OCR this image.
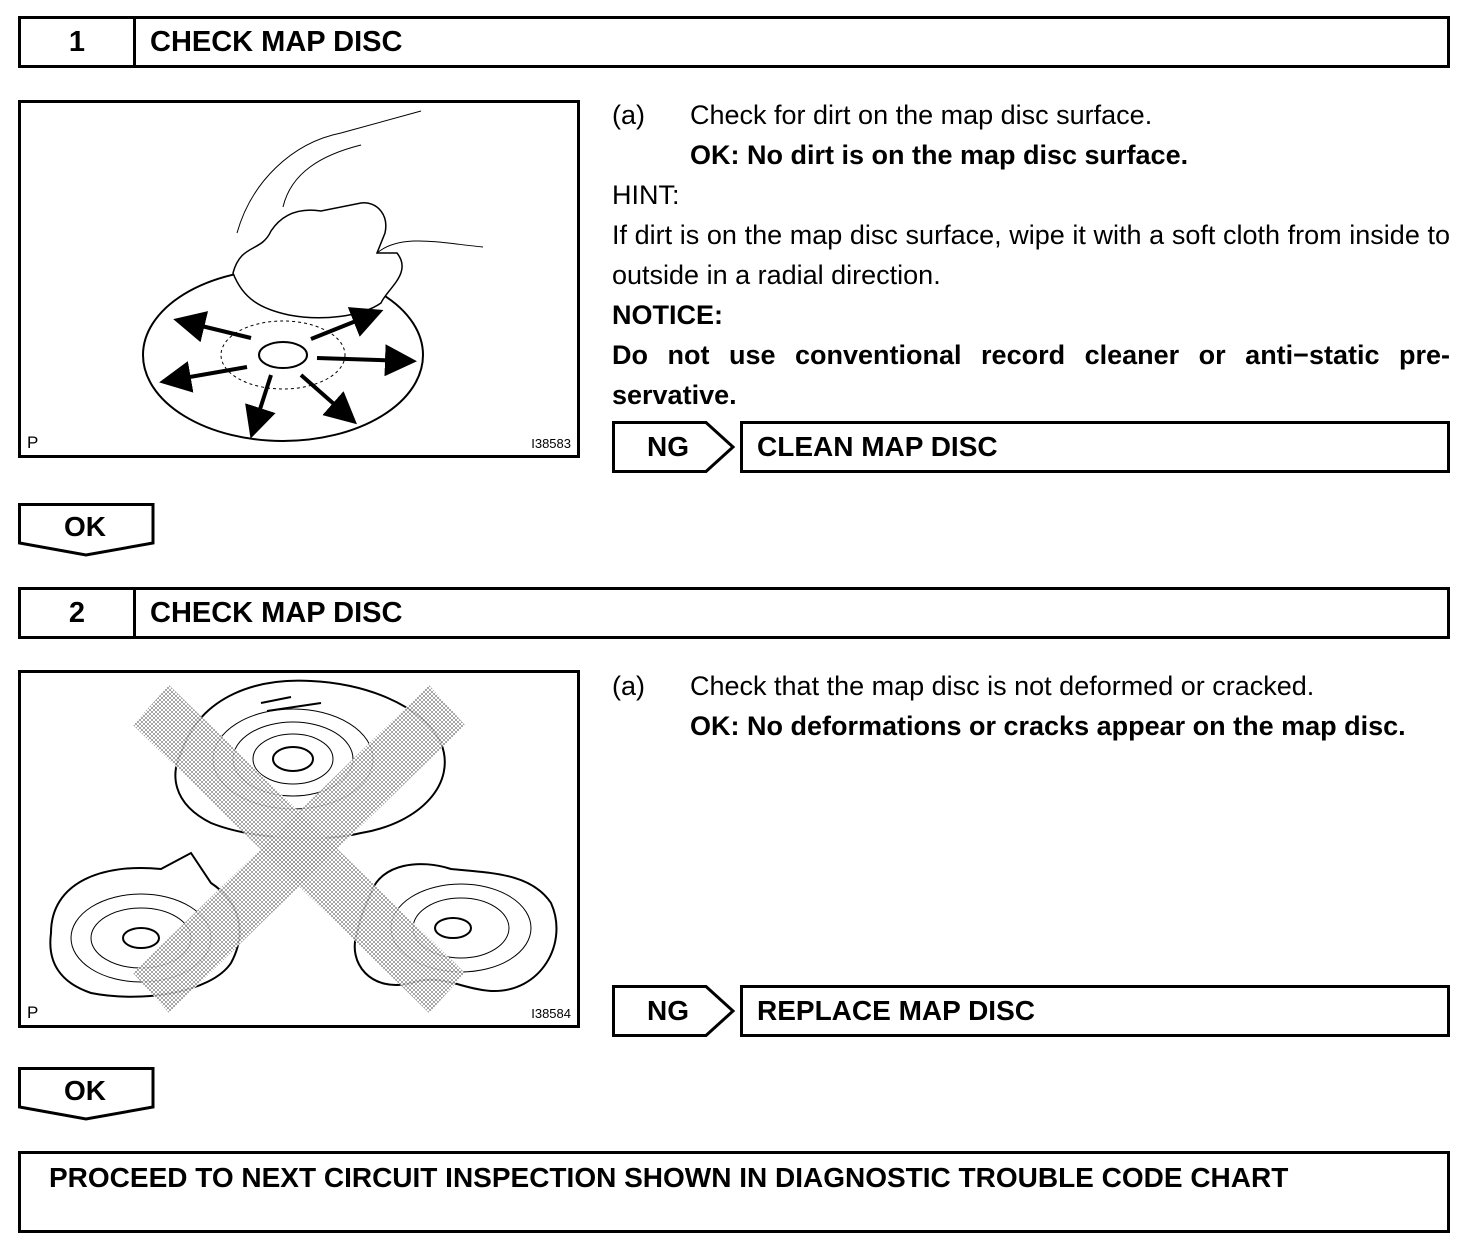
1	CHECK MAP DISC
P	I38583
(a)	Check for dirt on the map disc surface.
OK: No dirt is on the map disc surface.
HINT:
If dirt is on the map disc surface, wipe it with a soft cloth from inside to outside in a radial direction.
NOTICE:
Do not use conventional record cleaner or anti−static pre-servative.
NG	CLEAN MAP DISC
OK
2	CHECK MAP DISC
P	I38584
(a)	Check that the map disc is not deformed or cracked.
OK: No deformations or cracks appear on the map disc.
NG	REPLACE MAP DISC
OK
PROCEED TO NEXT CIRCUIT INSPECTION SHOWN IN DIAGNOSTIC TROUBLE CODE CHART
